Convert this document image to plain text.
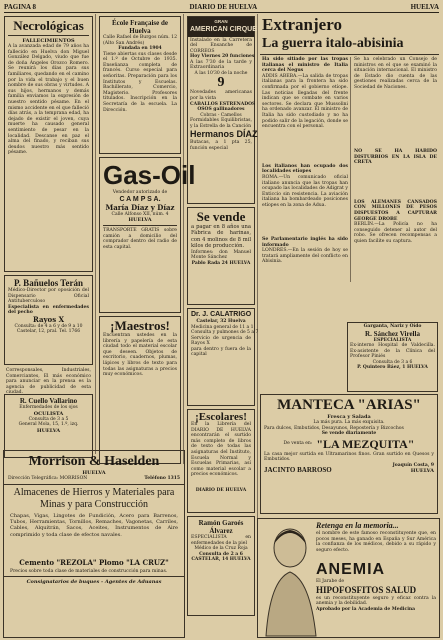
PAGINA 8	DIARIO DE HUELVA	HUELVA

Necrológicas

FALLECIMIENTOS

A la avanzada edad de 79 años ha fallecido en Huelva don Miguel González Delgado, viudo que fue de doña Ángeles Orozco Romero. Se reunirá los días para sus familiares, quedando en el camino por la vida el trabajo y el buen nombre de sus obras y virtudes. A sus hijos, hermanos y demás familia enviamos la expresión de nuestro sentido pésame. En el mismo accidente en el que falleció días atrás, a la temprana edad, ha dejado de existir el joven, cuya muerte ha causado general sentimiento de pesar en la localidad. Descanse en paz el alma del finado, y reciban sus deudos nuestro más sentido pésame.

P. Bañuelos Terán

Médico-Director por oposición del Dispensario Oficial Antituberculoso

Especialista en enfermedades del pecho

Rayos X

Consulta: de 4 a 6 y de 9 a 10

Castelar, 12, pral. Tel. 1766

Corresponsales, Industriales, Comerciantes, El más económico para anunciar en la prensa es la agencia de publicidad de esta ciudad.

R. Cuello Vallarino

Enfermedades de los ojos

OCULISTA

Consulta de 3 a 5

General Mola, 15, 1.º, izq.

HUELVA

École Française de Huelva

Calle Rafael de Burgos núm. 12 (Alto San Andrés)

Fundada en 1904

Tiene abiertas sus clases desde el 1.º de Octubre de 1935. Enseñanza completa de francés. Curso especial para señoritas. Preparación para los Institutos y Escuelas. Bachillerato, Comercio, Magisterio. Profesores titulados. Inscripción en la Secretaría de la escuela. La Dirección.

Gas-Oil

Vendedor autorizado de

C A M P S A.

María Díaz y Díaz

Calle Alfonso XII, núm. 4

HUELVA

TRANSPORTE GRATIS sobre camión a domicilio del comprador dentro del radio de esta capital.

¡Maestros!

Encuentran ustedes en la librería y papelería de esta ciudad todo el material escolar que deseen. Objetos de escritorio, cuadernos, plumas, lápices y libros de texto para todas las asignaturas a precios muy económicos.

Morrison & Haselden

HUELVA

Dirección Telegráfica: MORRISON	Teléfono 1315

Almacenes de Hierros y Materiales para Minas y para Construcción

Chapas, Vigas, Lingotes de Fundición, Acero para Barrenos, Tubos, Herramientas, Tornillos, Remaches, Vagonetas, Carriles, Cables, Alquitrán, Sacos, Aceites, Instrumentos de Aire comprimido y toda clase de efectos navales.

Cemento "REZOLA" Plomo "LA CRUZ"

Precios sobre toda clase de materiales de construcción para minas.

Consignatarios de buques - Agentes de Aduanas

GRAN

AMERICAN CIRQUE

Instalado en la Carretera del Ensanche de CORREOS

Hoy Viernes 20 funciones

A las 7'30 de la tarde y Extraordinaria

A las 10'30 de la noche

9

Novedades americanas por la vista

CABALLOS ESTRENADOS

OSOS gallinadores

Cobras - Camellos

Formidables Equilibristas, y la Estrella de la Canción

Hermanos DÍAZ

Butacas, a 1 pta 25, función especial

Se vende

a pagar en 8 años una Fábrica de harinas, con 4 molinos de 8 mil kilos de producción.

Informes: don Manuel Monte Sánchez

Pablo Rada 24 HUELVA

Dr. J. CALATRIGO

Castelar, 32 Huelva

Medicina general de 11 a 1

Consulta y pulmones de 5 a 7

Servicio de urgencia de Rayos X

para dentro y fuera de la capital

¡Escolares!

En la Librería del DIARIO DE HUELVA encontrarán el surtido más completo de libros de texto de todas las asignaturas del Instituto, Escuela Normal y Escuelas Primarias, así como material escolar a precios económicos.

DIARIO DE HUELVA

Ramón Garoés Álvarez

ESPECIALISTA en enfermedades de la piel

Médico de la Cruz Roja

Consulta de 2 a 6

CASTELAR, 14 HUELVA

Extranjero

La guerra italo-abisinia

Ha sido sitiado por las tropas italianas el ministro de Italia cerca del Negus

ADDIS ABEBA.—La salida de tropas italianas para la frontera ha sido confirmada por el gobierno etíope. Las noticias llegadas del frente indican que se combate en varios sectores. Se declara que Mussolini ha ordenado avanzar. El ministro de Italia ha sido custodiado y no ha podido salir de la legación, donde se encuentra con el personal.

Los italianos han ocupado dos localidades etíopes

ROMA.—Un comunicado oficial italiano anuncia que las tropas han ocupado las localidades de Adigrat y Enticcio sin resistencia. La aviación italiana ha bombardeado posiciones etíopes en la zona de Adua.

Se Parlamentario inglés ha sido informado

LONDRES.—En la sesión de hoy se tratará ampliamente del conflicto en Abisinia.

Se ha celebrado un Consejo de ministros en el que se examinó la situación internacional. El ministro de Estado dio cuenta de las gestiones realizadas cerca de la Sociedad de Naciones.

NO SE HA HABIDO DISTURBIOS EN LA ISLA DE CRETA

LOS ALEMANES CANSADOS CON MILLONES DE PESOS DISPUESTOS A CAPTURAR GEORGE DROBE

BERLÍN.—La Policía no ha conseguido detener al autor del robo. Se ofrecen recompensas a quien facilite su captura.

Garganta, Nariz y Oído

R. Sánchez Virella

ESPECIALISTA

Ex-interno Hospital de Valdecilla. Ex-asistente de la Clínica del Profesor Piniés

Consulta de 3 a 6

P. Quintero Báez, 1 HUELVA

MANTECA "ARIAS"

Fresca y Salada

La más pura. La más exquisita.

Para dulces, Embutidos, Desayunos, Repostería y Bizcochos

Se vende diariamente

De venta en: "LA MEZQUITA"

La casa mejor surtida en Ultramarinos finos. Gran surtido en Quesos y Embutidos.

JACINTO BARROSO
Joaquín Costa, 9
HUELVA

Retenga en la memoria...

el nombre de este famoso reconstituyente que, en pocos meses, ha ganado en España y Sur América la confianza de los médicos, debido a su rápido y seguro efecto.

ANEMIA

El Jarabe de

HIPOFOSFITOS SALUD

es un reconstituyente seguro y eficaz contra la anemia y la debilidad.

Aprobado por la Academia de Medicina
